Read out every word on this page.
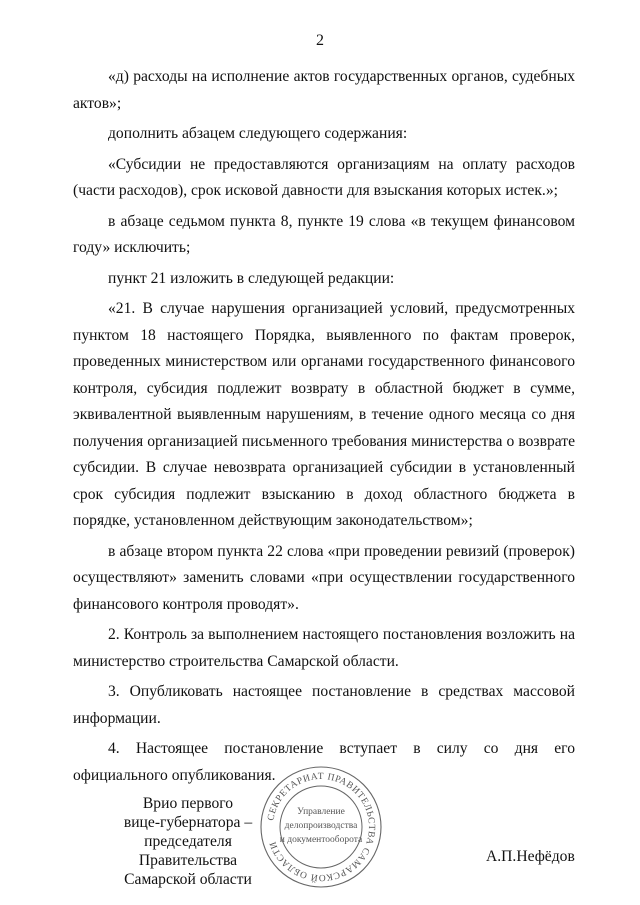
2

«д) расходы на исполнение актов государственных органов, судебных актов»;

дополнить абзацем следующего содержания:

«Субсидии не предоставляются организациям на оплату расходов (части расходов), срок исковой давности для взыскания которых истек.»;

в абзаце седьмом пункта 8, пункте 19 слова «в текущем финансовом году» исключить;

пункт 21 изложить в следующей редакции:

«21. В случае нарушения организацией условий, предусмотренных пунктом 18 настоящего Порядка, выявленного по фактам проверок, проведенных министерством или органами государственного финансового контроля, субсидия подлежит возврату в областной бюджет в сумме, эквивалентной выявленным нарушениям, в течение одного месяца со дня получения организацией письменного требования министерства о возврате субсидии. В случае невозврата организацией субсидии в установленный срок субсидия подлежит взысканию в доход областного бюджета в порядке, установленном действующим законодательством»;

в абзаце втором пункта 22 слова «при проведении ревизий (проверок) осуществляют» заменить словами «при осуществлении государственного финансового контроля проводят».

2. Контроль за выполнением настоящего постановления возложить на министерство строительства Самарской области.

3. Опубликовать настоящее постановление в средствах массовой информации.

4. Настоящее постановление вступает в силу со дня его официального опубликования.

Врио первого
вице-губернатора –
председателя Правительства
Самарской области
СЕКРЕТАРИАТ ПРАВИТЕЛЬСТВА САМАРСКОЙ ОБЛАСТИ
Управление
делопроизводства
и документооборота
А.П.Нефёдов
